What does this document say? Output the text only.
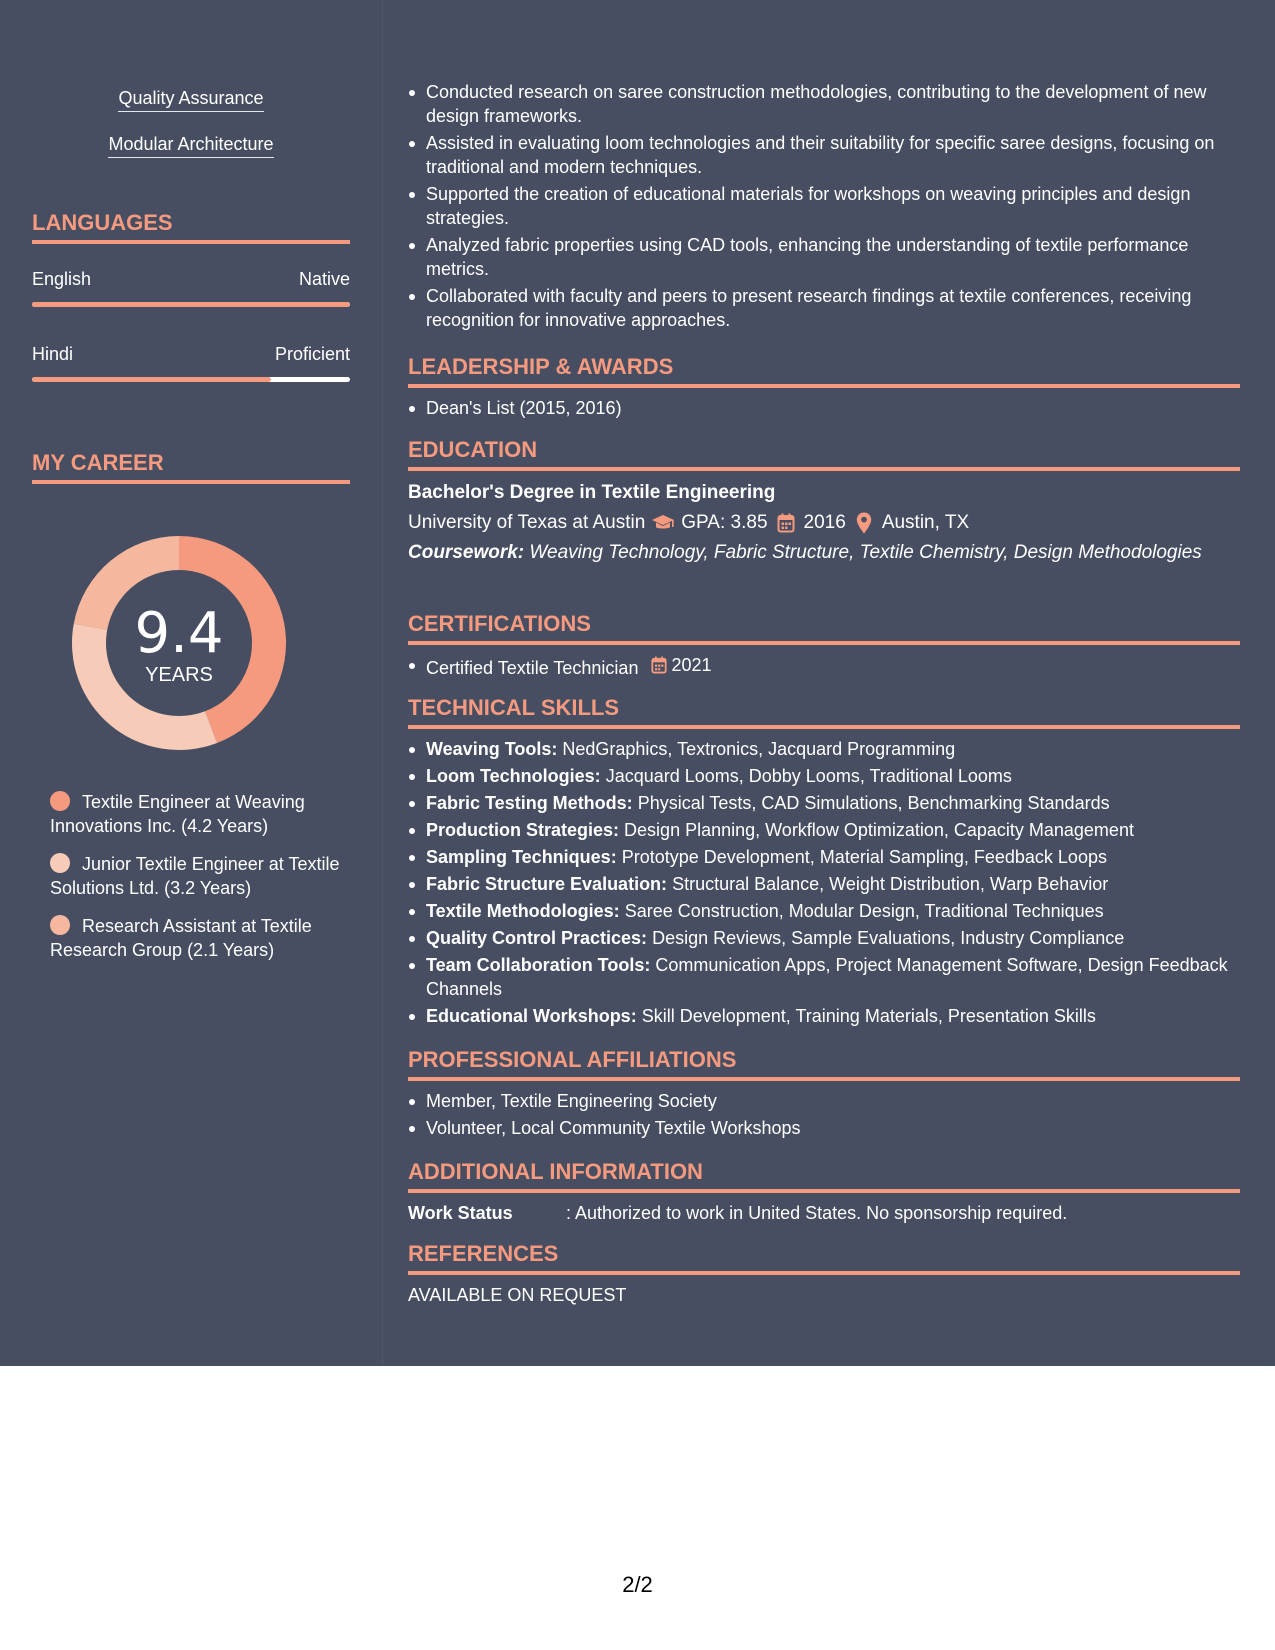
Quality Assurance
Modular Architecture
LANGUAGES
English	Native
Hindi	Proficient
MY CAREER
9.4
YEARS
Textile Engineer at Weaving Innovations Inc. (4.2 Years)
Junior Textile Engineer at Textile Solutions Ltd. (3.2 Years)
Research Assistant at Textile Research Group (2.1 Years)
Conducted research on saree construction methodologies, contributing to the development of new design frameworks.
Assisted in evaluating loom technologies and their suitability for specific saree designs, focusing on traditional and modern techniques.
Supported the creation of educational materials for workshops on weaving principles and design strategies.
Analyzed fabric properties using CAD tools, enhancing the understanding of textile performance metrics.
Collaborated with faculty and peers to present research findings at textile conferences, receiving recognition for innovative approaches.
LEADERSHIP & AWARDS
Dean's List (2015, 2016)
EDUCATION
Bachelor's Degree in Textile Engineering
University of Texas at Austin GPA: 3.85 2016 Austin, TX
Coursework: Weaving Technology, Fabric Structure, Textile Chemistry, Design Methodologies
CERTIFICATIONS
Certified Textile Technician 2021
TECHNICAL SKILLS
Weaving Tools: NedGraphics, Textronics, Jacquard Programming
Loom Technologies: Jacquard Looms, Dobby Looms, Traditional Looms
Fabric Testing Methods: Physical Tests, CAD Simulations, Benchmarking Standards
Production Strategies: Design Planning, Workflow Optimization, Capacity Management
Sampling Techniques: Prototype Development, Material Sampling, Feedback Loops
Fabric Structure Evaluation: Structural Balance, Weight Distribution, Warp Behavior
Textile Methodologies: Saree Construction, Modular Design, Traditional Techniques
Quality Control Practices: Design Reviews, Sample Evaluations, Industry Compliance
Team Collaboration Tools: Communication Apps, Project Management Software, Design Feedback Channels
Educational Workshops: Skill Development, Training Materials, Presentation Skills
PROFESSIONAL AFFILIATIONS
Member, Textile Engineering Society
Volunteer, Local Community Textile Workshops
ADDITIONAL INFORMATION
Work Status	: Authorized to work in United States. No sponsorship required.
REFERENCES
AVAILABLE ON REQUEST
2/2
